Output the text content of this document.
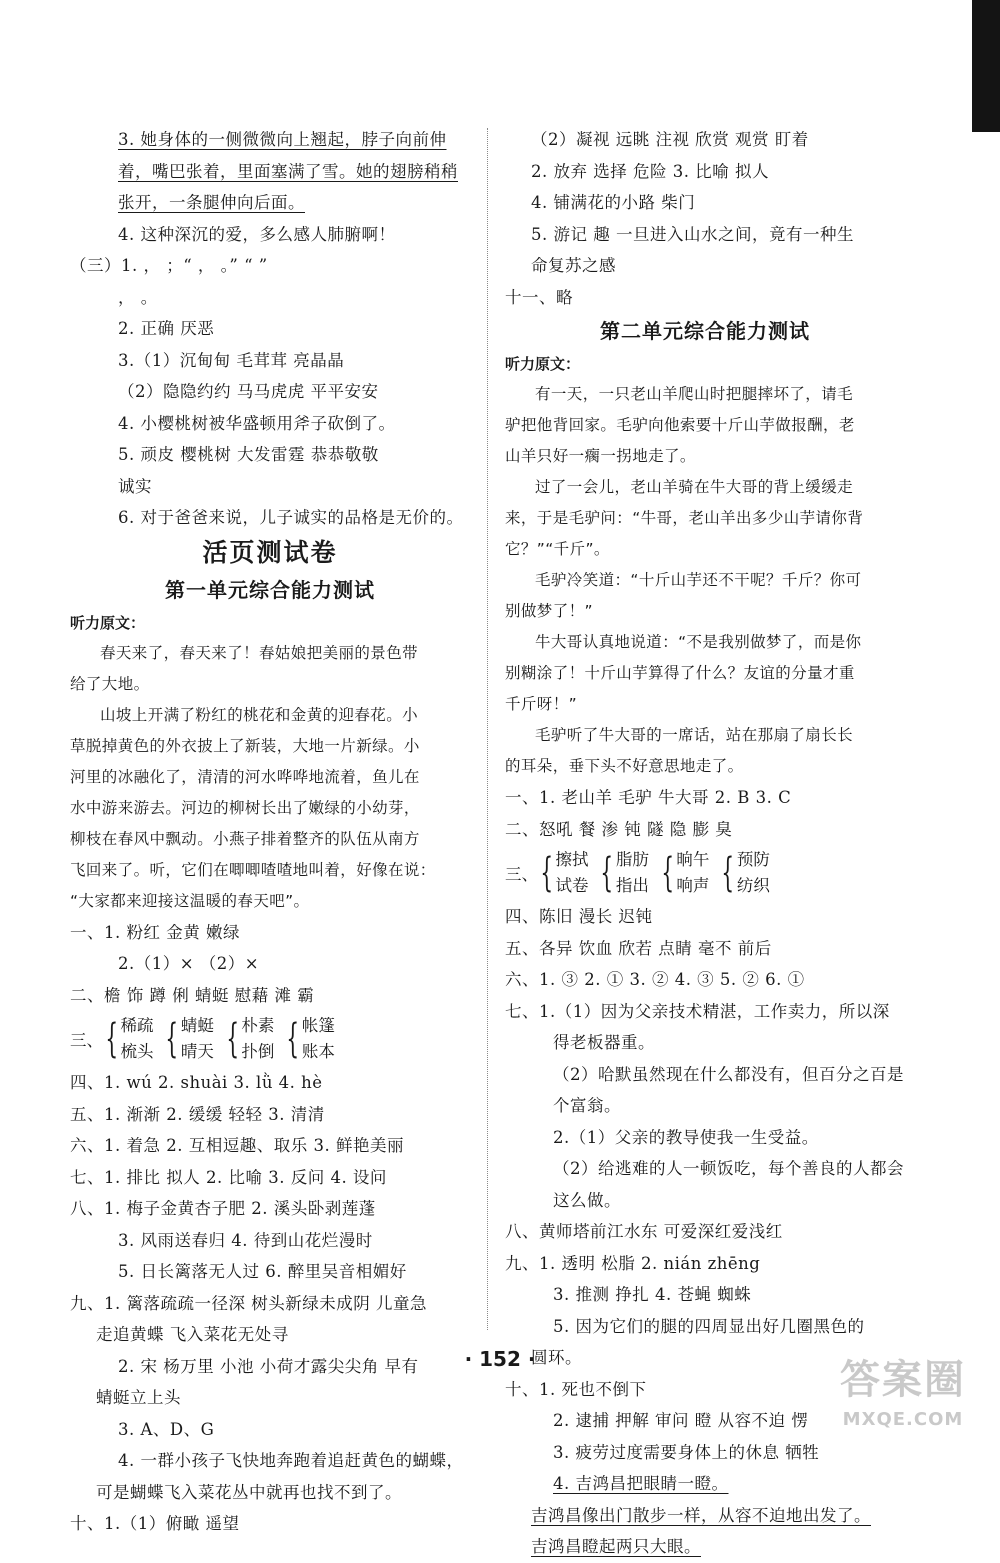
3. 她身体的一侧微微向上翘起，脖子向前伸
着，嘴巴张着，里面塞满了雪。她的翅膀稍稍
张开，一条腿伸向后面。
4. 这种深沉的爱，多么感人肺腑啊！
（三）1. ， ；“ ， 。” “ ”
， 。
2. 正确 厌恶
3.（1）沉甸甸 毛茸茸 亮晶晶
（2）隐隐约约 马马虎虎 平平安安
4. 小樱桃树被华盛顿用斧子砍倒了。
5. 顽皮 樱桃树 大发雷霆 恭恭敬敬
诚实
6. 对于爸爸来说，儿子诚实的品格是无价的。
活页测试卷
第一单元综合能力测试
听力原文：
春天来了，春天来了！春姑娘把美丽的景色带
给了大地。
山坡上开满了粉红的桃花和金黄的迎春花。小
草脱掉黄色的外衣披上了新装，大地一片新绿。小
河里的冰融化了，清清的河水哗哗地流着，鱼儿在
水中游来游去。河边的柳树长出了嫩绿的小幼芽，
柳枝在春风中飘动。小燕子排着整齐的队伍从南方
飞回来了。听，它们在唧唧喳喳地叫着，好像在说：
“大家都来迎接这温暖的春天吧”。
一、1. 粉红 金黄 嫩绿
2.（1）× （2）×
二、檐 饰 蹲 俐 蜻蜓 慰藉 滩 霸
三、 { 稀疏
梳头 { 蜻蜓
晴天 { 朴素
扑倒 { 帐篷
账本
四、1. wú 2. shuài 3. lǜ 4. hè
五、1. 渐渐 2. 缓缓 轻轻 3. 清清
六、1. 着急 2. 互相逗趣、取乐 3. 鲜艳美丽
七、1. 排比 拟人 2. 比喻 3. 反问 4. 设问
八、1. 梅子金黄杏子肥 2. 溪头卧剥莲蓬
3. 风雨送春归 4. 待到山花烂漫时
5. 日长篱落无人过 6. 醉里吴音相媚好
九、1. 篱落疏疏一径深 树头新绿未成阴 儿童急
走追黄蝶 飞入菜花无处寻
2. 宋 杨万里 小池 小荷才露尖尖角 早有
蜻蜓立上头
3. A、D、G
4. 一群小孩子飞快地奔跑着追赶黄色的蝴蝶，
可是蝴蝶飞入菜花丛中就再也找不到了。
十、1.（1）俯瞰 遥望
（2）凝视 远眺 注视 欣赏 观赏 盯着
2. 放弃 选择 危险 3. 比喻 拟人
4. 铺满花的小路 柴门
5. 游记 趣 一旦进入山水之间，竟有一种生
命复苏之感
十一、略
第二单元综合能力测试
听力原文：
有一天，一只老山羊爬山时把腿摔坏了，请毛
驴把他背回家。毛驴向他索要十斤山芋做报酬，老
山羊只好一瘸一拐地走了。
过了一会儿，老山羊骑在牛大哥的背上缓缓走
来，于是毛驴问：“牛哥，老山羊出多少山芋请你背
它？”“千斤”。
毛驴冷笑道：“十斤山芋还不干呢？千斤？你可
别做梦了！”
牛大哥认真地说道：“不是我别做梦了，而是你
别糊涂了！十斤山芋算得了什么？友谊的分量才重
千斤呀！”
毛驴听了牛大哥的一席话，站在那扇了扇长长
的耳朵，垂下头不好意思地走了。
一、1. 老山羊 毛驴 牛大哥 2. B 3. C
二、怒吼 餐 渗 钝 隧 隐 膨 臭
三、 { 擦拭
试卷 { 脂肪
指出 { 晌午
响声 { 预防
纺织
四、陈旧 漫长 迟钝
五、各异 饮血 欣若 点睛 毫不 前后
六、1. ③ 2. ① 3. ② 4. ③ 5. ② 6. ①
七、1.（1）因为父亲技术精湛，工作卖力，所以深
得老板器重。
（2）哈默虽然现在什么都没有，但百分之百是
个富翁。
2.（1）父亲的教导使我一生受益。
（2）给逃难的人一顿饭吃，每个善良的人都会
这么做。
八、黄师塔前江水东 可爱深红爱浅红
九、1. 透明 松脂 2. nián zhēng
3. 推测 挣扎 4. 苍蝇 蜘蛛
5. 因为它们的腿的四周显出好几圈黑色的
圆环。
十、1. 死也不倒下
2. 逮捕 押解 审问 瞪 从容不迫 愣
3. 疲劳过度需要身体上的休息 牺牲
4. 吉鸿昌把眼睛一瞪。
吉鸿昌像出门散步一样，从容不迫地出发了。
吉鸿昌瞪起两只大眼。
· 152 ·	答案圈
MXQE.COM
